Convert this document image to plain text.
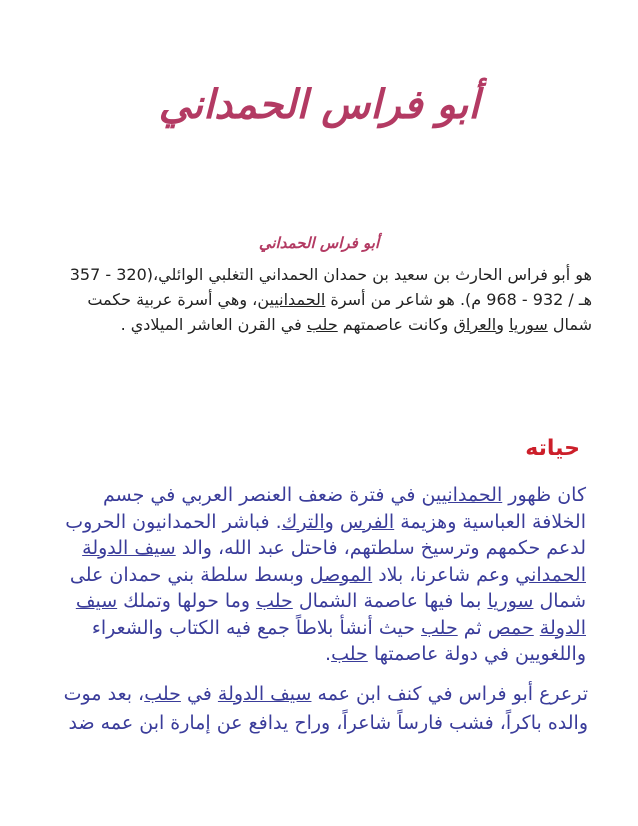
أبو فراس الحمداني
أبو فراس الحمداني
هو أبو فراس الحارث بن سعيد بن حمدان الحمداني التغلبي الوائلي،(320 - 357
هـ / 932 - 968 م). هو شاعر من أسرة الحمدانيين، وهي أسرة عربية حكمت
شمال سوريا والعراق وكانت عاصمتهم حلب في القرن العاشر الميلادي .
حياته
كان ظهور الحمدانيين في فترة ضعف العنصر العربي في جسم
الخلافة العباسية وهزيمة الفرس والترك. فباشر الحمدانيون الحروب
لدعم حكمهم وترسيخ سلطتهم، فاحتل عبد الله، والد سيف الدولة
الحمداني وعم شاعرنا، بلاد الموصل وبسط سلطة بني حمدان على
شمال سوريا بما فيها عاصمة الشمال حلب وما حولها وتملك سيف
الدولة حمص ثم حلب حيث أنشأ بلاطاً جمع فيه الكتاب والشعراء
واللغويين في دولة عاصمتها حلب.
ترعرع أبو فراس في كنف ابن عمه سيف الدولة في حلب، بعد موت
والده باكراً، فشب فارساً شاعراً، وراح يدافع عن إمارة ابن عمه ضد
